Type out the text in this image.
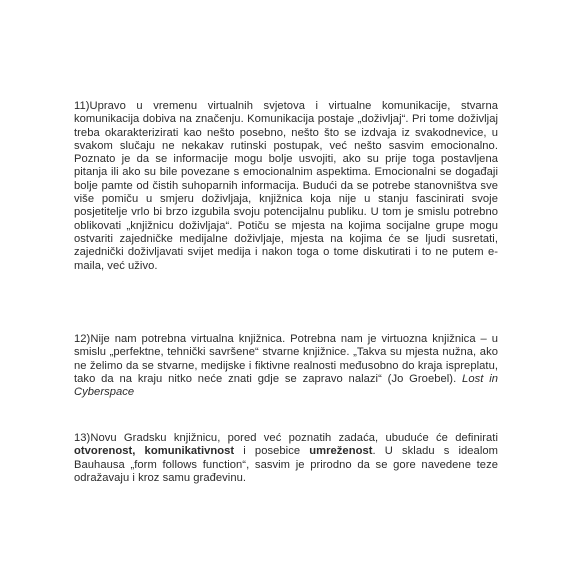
11)Upravo u vremenu virtualnih svjetova i virtualne komunikacije, stvarna komunikacija dobiva na značenju. Komunikacija postaje „doživljaj“. Pri tome doživljaj treba okarakterizirati kao nešto posebno, nešto što se izdvaja iz svakodnevice, u svakom slučaju ne nekakav rutinski postupak, već nešto sasvim emocionalno. Poznato je da se informacije mogu bolje usvojiti, ako su prije toga postavljena pitanja ili ako su bile povezane s emocionalnim aspektima. Emocionalni se događaji bolje pamte od čistih suhoparnih informacija. Budući da se potrebe stanovništva sve više pomiču u smjeru doživljaja, knjižnica koja nije u stanju fascinirati svoje posjetitelje vrlo bi brzo izgubila svoju potencijalnu publiku. U tom je smislu potrebno oblikovati „knjižnicu doživljaja“. Potiču se mjesta na kojima socijalne grupe mogu ostvariti zajedničke medijalne doživljaje, mjesta na kojima će se ljudi susretati, zajednički doživljavati svijet medija i nakon toga o tome diskutirati i to ne putem e-maila, već uživo.

12)Nije nam potrebna virtualna knjižnica. Potrebna nam je virtuozna knjižnica – u smislu „perfektne, tehnički savršene“ stvarne knjižnice. „Takva su mjesta nužna, ako ne želimo da se stvarne, medijske i fiktivne realnosti međusobno do kraja ispreplatu, tako da na kraju nitko neće znati gdje se zapravo nalazi“ (Jo Groebel). Lost in Cyberspace

13)Novu Gradsku knjižnicu, pored već poznatih zadaća, ubuduće će definirati otvorenost, komunikativnost i posebice umreženost. U skladu s idealom Bauhausa „form follows function“, sasvim je prirodno da se gore navedene teze odražavaju i kroz samu građevinu.
